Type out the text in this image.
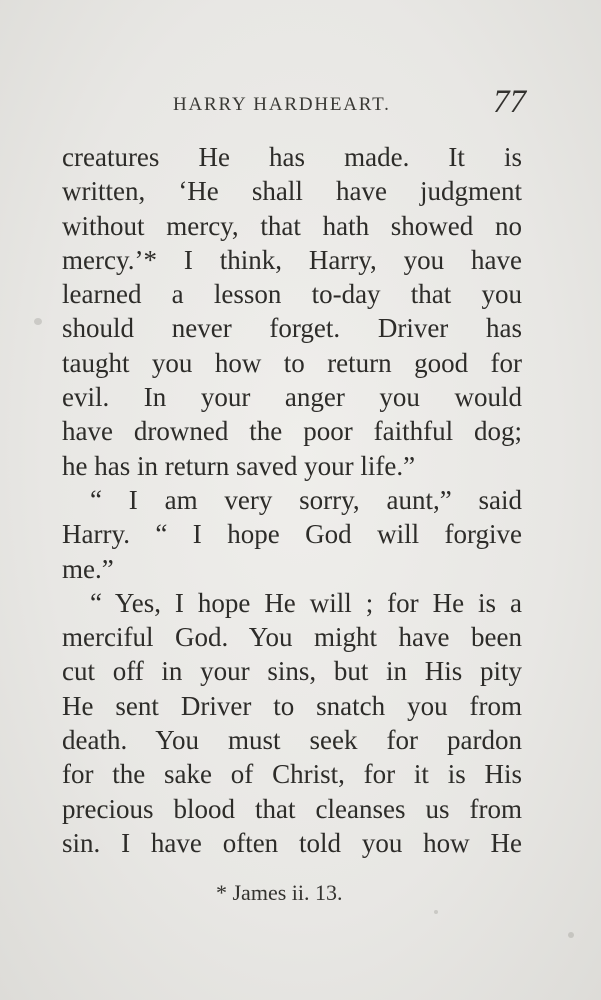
HARRY HARDHEART.	77
creatures He has made. It is
written, ‘He shall have judgment
without mercy, that hath showed no
mercy.’* I think, Harry, you have
learned a lesson to-day that you
should never forget. Driver has
taught you how to return good for
evil. In your anger you would
have drowned the poor faithful dog;
he has in return saved your life.”
“ I am very sorry, aunt,” said
Harry. “ I hope God will forgive
me.”
“ Yes, I hope He will ; for He is a
merciful God. You might have been
cut off in your sins, but in His pity
He sent Driver to snatch you from
death. You must seek for pardon
for the sake of Christ, for it is His
precious blood that cleanses us from
sin. I have often told you how He
* James ii. 13.
